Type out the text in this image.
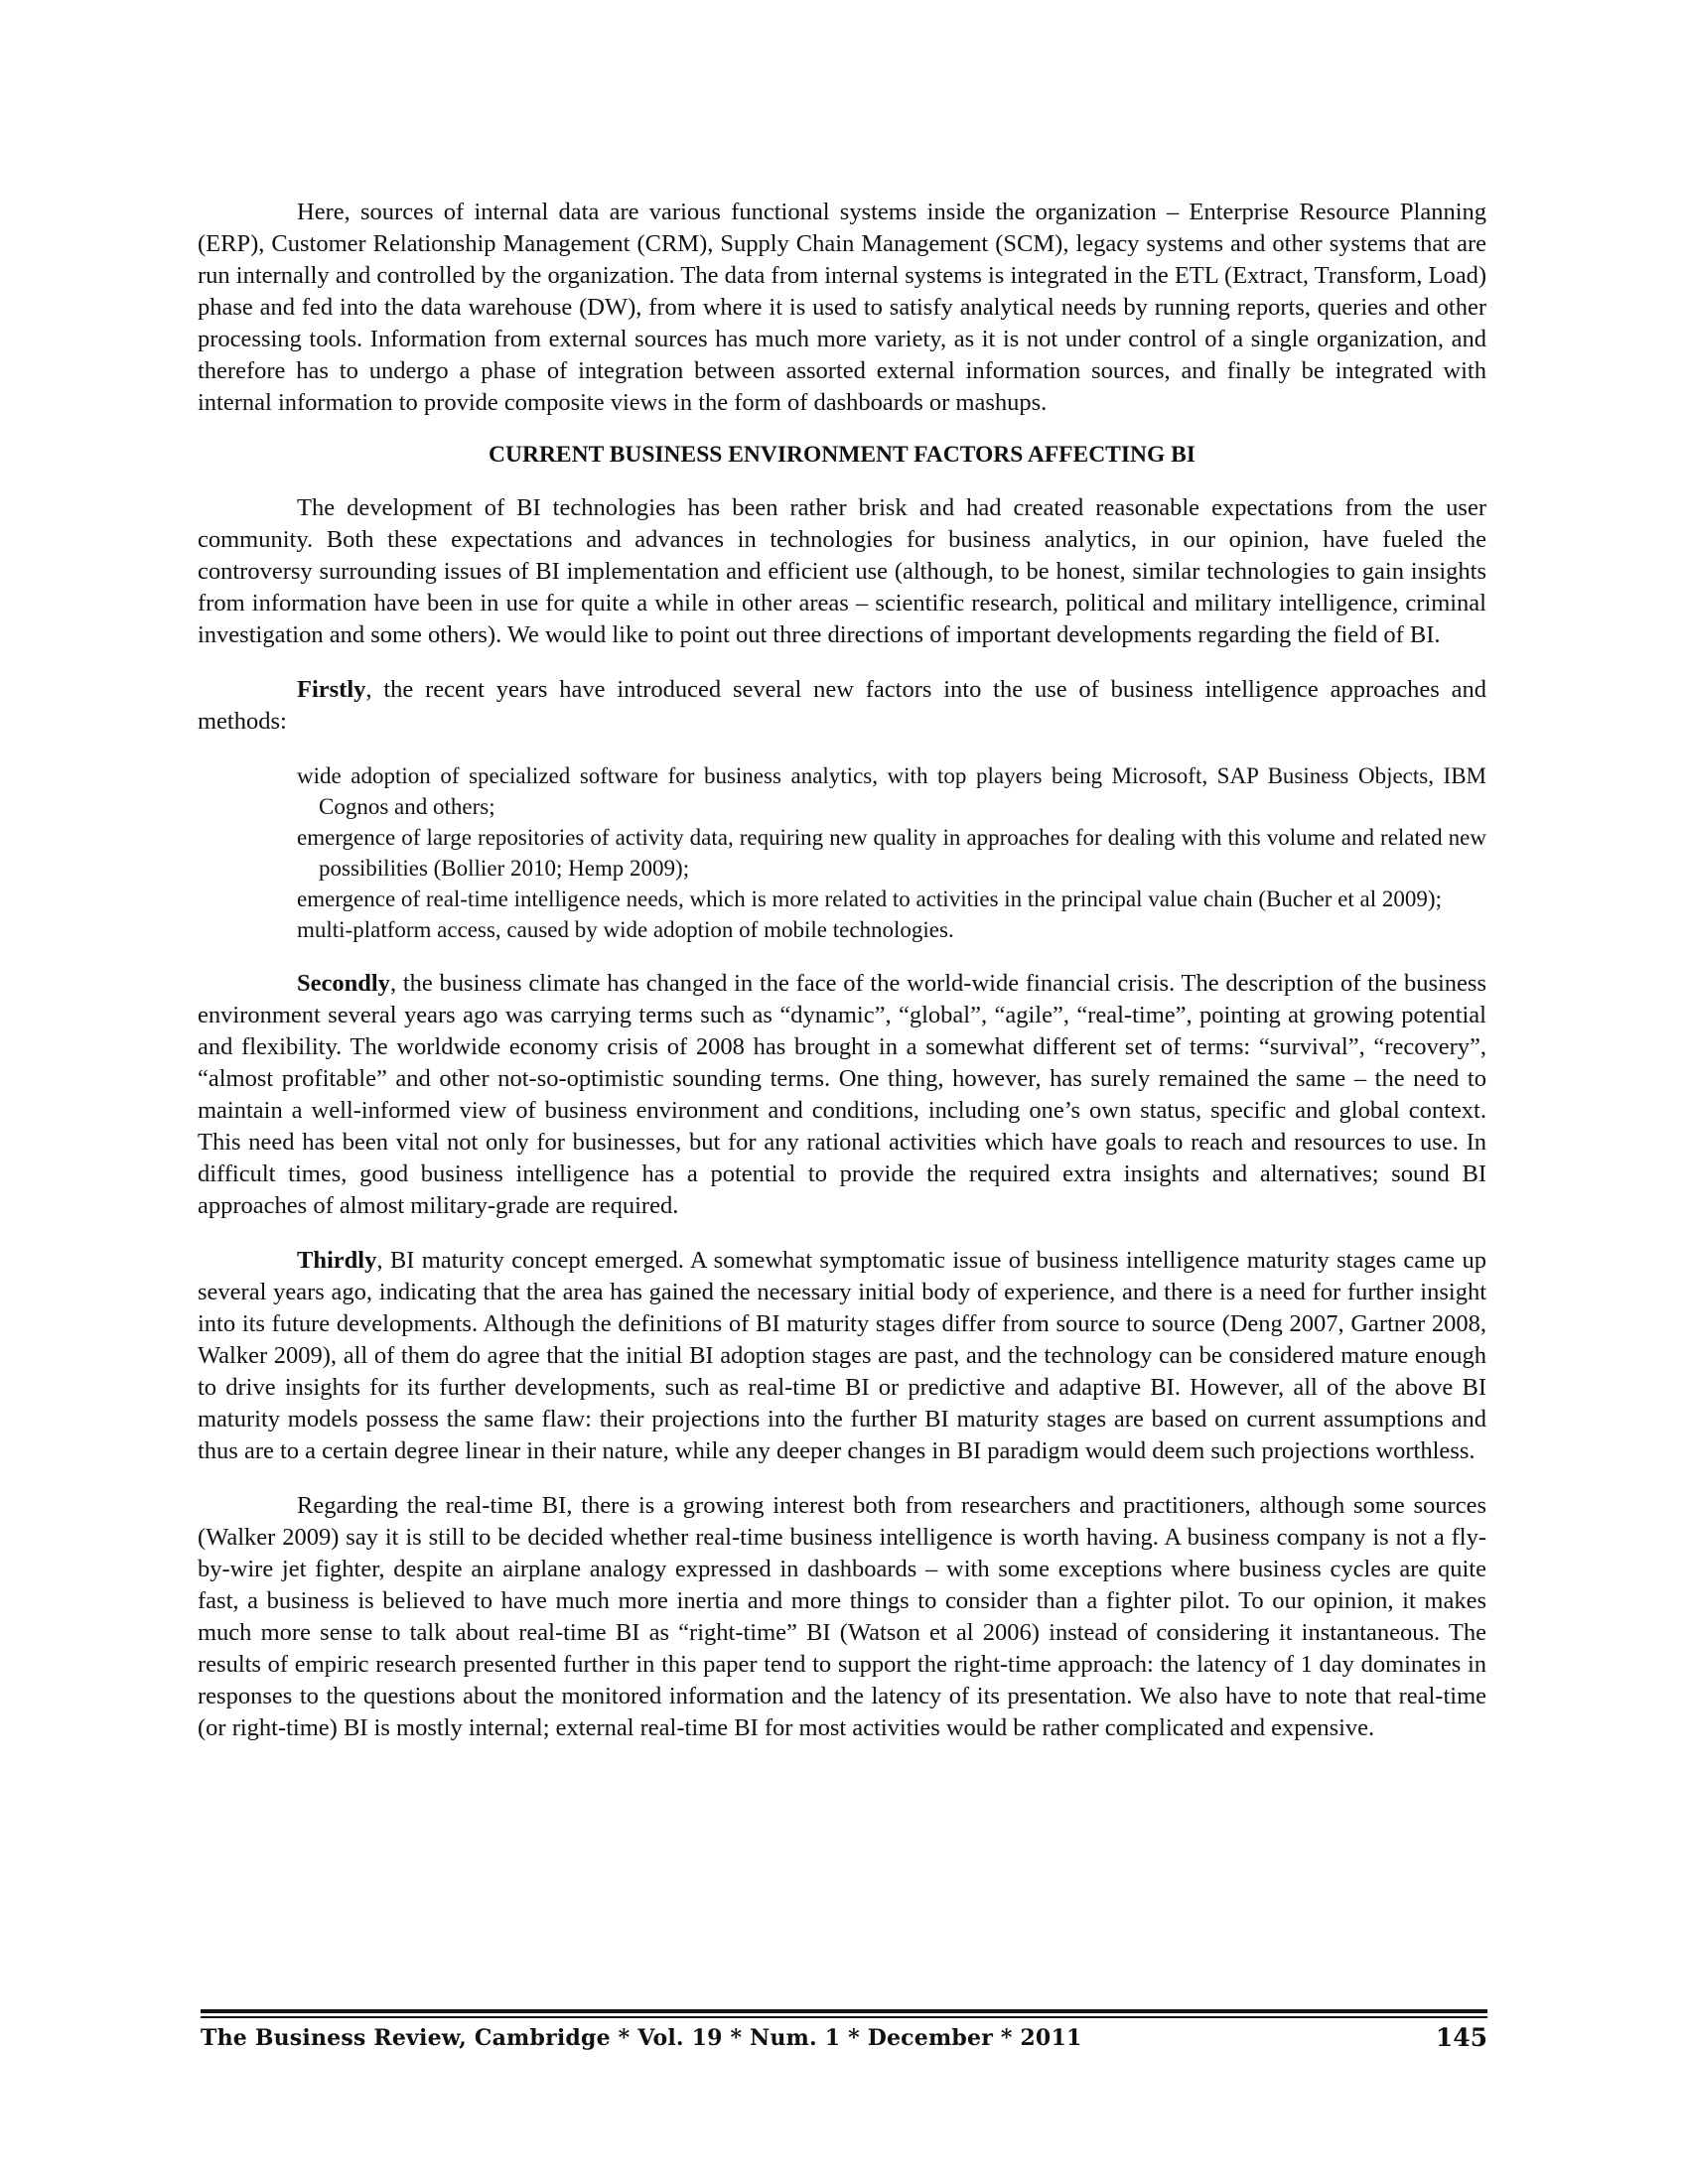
Here, sources of internal data are various functional systems inside the organization – Enterprise Resource Planning (ERP), Customer Relationship Management (CRM), Supply Chain Management (SCM), legacy systems and other systems that are run internally and controlled by the organization. The data from internal systems is integrated in the ETL (Extract, Transform, Load) phase and fed into the data warehouse (DW), from where it is used to satisfy analytical needs by running reports, queries and other processing tools. Information from external sources has much more variety, as it is not under control of a single organization, and therefore has to undergo a phase of integration between assorted external information sources, and finally be integrated with internal information to provide composite views in the form of dashboards or mashups.

CURRENT BUSINESS ENVIRONMENT FACTORS AFFECTING BI

The development of BI technologies has been rather brisk and had created reasonable expectations from the user community. Both these expectations and advances in technologies for business analytics, in our opinion, have fueled the controversy surrounding issues of BI implementation and efficient use (although, to be honest, similar technologies to gain insights from information have been in use for quite a while in other areas – scientific research, political and military intelligence, criminal investigation and some others). We would like to point out three directions of important developments regarding the field of BI.

Firstly, the recent years have introduced several new factors into the use of business intelligence approaches and methods:

wide adoption of specialized software for business analytics, with top players being Microsoft, SAP Business Objects, IBM Cognos and others;
emergence of large repositories of activity data, requiring new quality in approaches for dealing with this volume and related new possibilities (Bollier 2010; Hemp 2009);
emergence of real-time intelligence needs, which is more related to activities in the principal value chain (Bucher et al 2009);
multi-platform access, caused by wide adoption of mobile technologies.

Secondly, the business climate has changed in the face of the world-wide financial crisis. The description of the business environment several years ago was carrying terms such as “dynamic”, “global”, “agile”, “real-time”, pointing at growing potential and flexibility. The worldwide economy crisis of 2008 has brought in a somewhat different set of terms: “survival”, “recovery”, “almost profitable” and other not-so-optimistic sounding terms. One thing, however, has surely remained the same – the need to maintain a well-informed view of business environment and conditions, including one’s own status, specific and global context. This need has been vital not only for businesses, but for any rational activities which have goals to reach and resources to use. In difficult times, good business intelligence has a potential to provide the required extra insights and alternatives; sound BI approaches of almost military-grade are required.

Thirdly, BI maturity concept emerged. A somewhat symptomatic issue of business intelligence maturity stages came up several years ago, indicating that the area has gained the necessary initial body of experience, and there is a need for further insight into its future developments. Although the definitions of BI maturity stages differ from source to source (Deng 2007, Gartner 2008, Walker 2009), all of them do agree that the initial BI adoption stages are past, and the technology can be considered mature enough to drive insights for its further developments, such as real-time BI or predictive and adaptive BI. However, all of the above BI maturity models possess the same flaw: their projections into the further BI maturity stages are based on current assumptions and thus are to a certain degree linear in their nature, while any deeper changes in BI paradigm would deem such projections worthless.

Regarding the real-time BI, there is a growing interest both from researchers and practitioners, although some sources (Walker 2009) say it is still to be decided whether real-time business intelligence is worth having. A business company is not a fly-by-wire jet fighter, despite an airplane analogy expressed in dashboards – with some exceptions where business cycles are quite fast, a business is believed to have much more inertia and more things to consider than a fighter pilot. To our opinion, it makes much more sense to talk about real-time BI as “right-time” BI (Watson et al 2006) instead of considering it instantaneous. The results of empiric research presented further in this paper tend to support the right-time approach: the latency of 1 day dominates in responses to the questions about the monitored information and the latency of its presentation. We also have to note that real-time (or right-time) BI is mostly internal; external real-time BI for most activities would be rather complicated and expensive.

The Business Review, Cambridge * Vol. 19 * Num. 1 * December * 2011	145
